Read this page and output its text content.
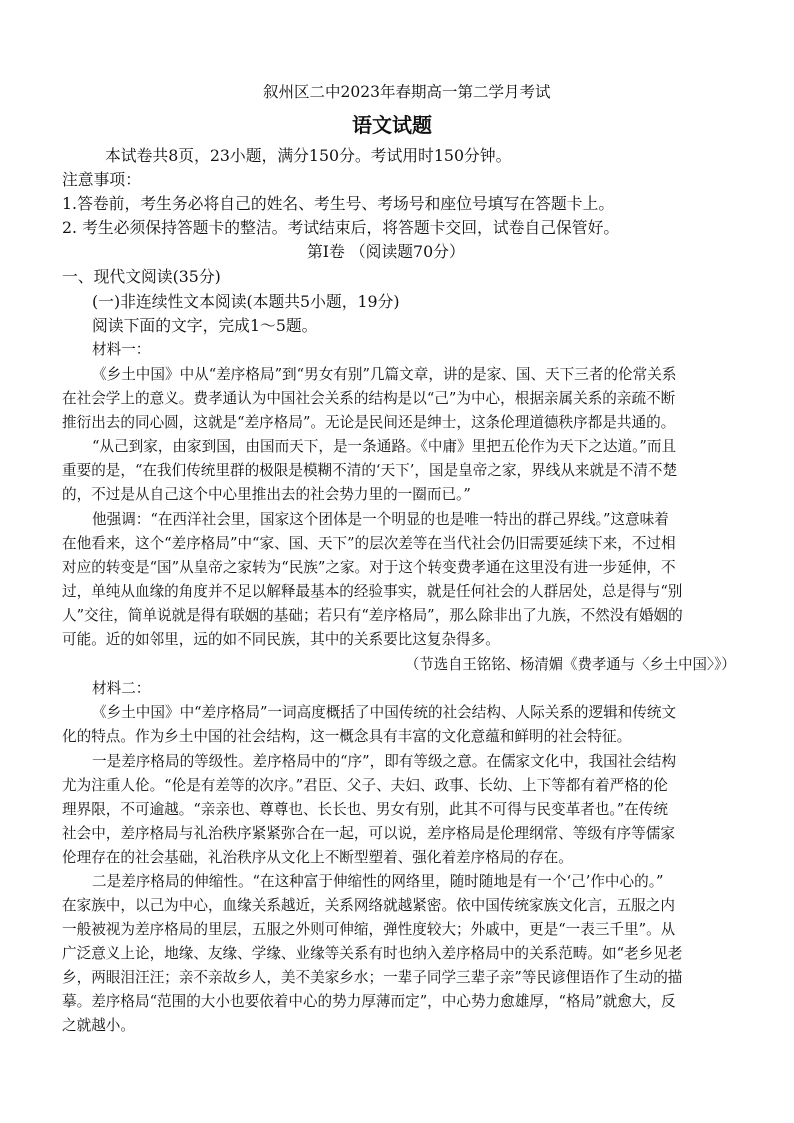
叙州区二中2023年春期高一第二学月考试
语文试题
本试卷共8页，23小题，满分150分。考试用时150分钟。
注意事项：
1.答卷前，考生务必将自己的姓名、考生号、考场号和座位号填写在答题卡上。
2. 考生必须保持答题卡的整洁。考试结束后，将答题卡交回，试卷自己保管好。
第I卷 （阅读题70分）
一、现代文阅读(35分)
(一)非连续性文本阅读(本题共5小题，19分)
阅读下面的文字，完成1～5题。
材料一：
《乡土中国》中从“差序格局”到“男女有别”几篇文章，讲的是家、国、天下三者的伦常关系
在社会学上的意义。费孝通认为中国社会关系的结构是以“己”为中心，根据亲属关系的亲疏不断
推衍出去的同心圆，这就是“差序格局”。无论是民间还是绅士，这条伦理道德秩序都是共通的。
“从己到家，由家到国，由国而天下，是一条通路。《中庸》里把五伦作为天下之达道。”而且
重要的是，“在我们传统里群的极限是模糊不清的‘天下’，国是皇帝之家，界线从来就是不清不楚
的，不过是从自己这个中心里推出去的社会势力里的一圈而已。”
他强调：“在西洋社会里，国家这个团体是一个明显的也是唯一特出的群己界线。”这意味着
在他看来，这个“差序格局”中“家、国、天下”的层次差等在当代社会仍旧需要延续下来，不过相
对应的转变是“国”从皇帝之家转为“民族”之家。对于这个转变费孝通在这里没有进一步延伸，不
过，单纯从血缘的角度并不足以解释最基本的经验事实，就是任何社会的人群居处，总是得与“别
人”交往，简单说就是得有联姻的基础；若只有“差序格局”，那么除非出了九族，不然没有婚姻的
可能。近的如邻里，远的如不同民族，其中的关系要比这复杂得多。
（节选自王铭铭、杨清媚《费孝通与〈乡土中国〉》）
材料二：
《乡土中国》中“差序格局”一词高度概括了中国传统的社会结构、人际关系的逻辑和传统文
化的特点。作为乡土中国的社会结构，这一概念具有丰富的文化意蕴和鲜明的社会特征。
一是差序格局的等级性。差序格局中的“序”，即有等级之意。在儒家文化中，我国社会结构
尤为注重人伦。“伦是有差等的次序。”君臣、父子、夫妇、政事、长幼、上下等都有着严格的伦
理界限，不可逾越。“亲亲也、尊尊也、长长也、男女有别，此其不可得与民变革者也。”在传统
社会中，差序格局与礼治秩序紧紧弥合在一起，可以说，差序格局是伦理纲常、等级有序等儒家
伦理存在的社会基础，礼治秩序从文化上不断型塑着、强化着差序格局的存在。
二是差序格局的伸缩性。“在这种富于伸缩性的网络里，随时随地是有一个‘己’作中心的。”
在家族中，以己为中心，血缘关系越近，关系网络就越紧密。依中国传统家族文化言，五服之内
一般被视为差序格局的里层，五服之外则可伸缩，弹性度较大；外戚中，更是“一表三千里”。从
广泛意义上论，地缘、友缘、学缘、业缘等关系有时也纳入差序格局中的关系范畴。如“老乡见老
乡，两眼泪汪汪；亲不亲故乡人，美不美家乡水；一辈子同学三辈子亲”等民谚俚语作了生动的描
摹。差序格局“范围的大小也要依着中心的势力厚薄而定”，中心势力愈雄厚，“格局”就愈大，反
之就越小。
